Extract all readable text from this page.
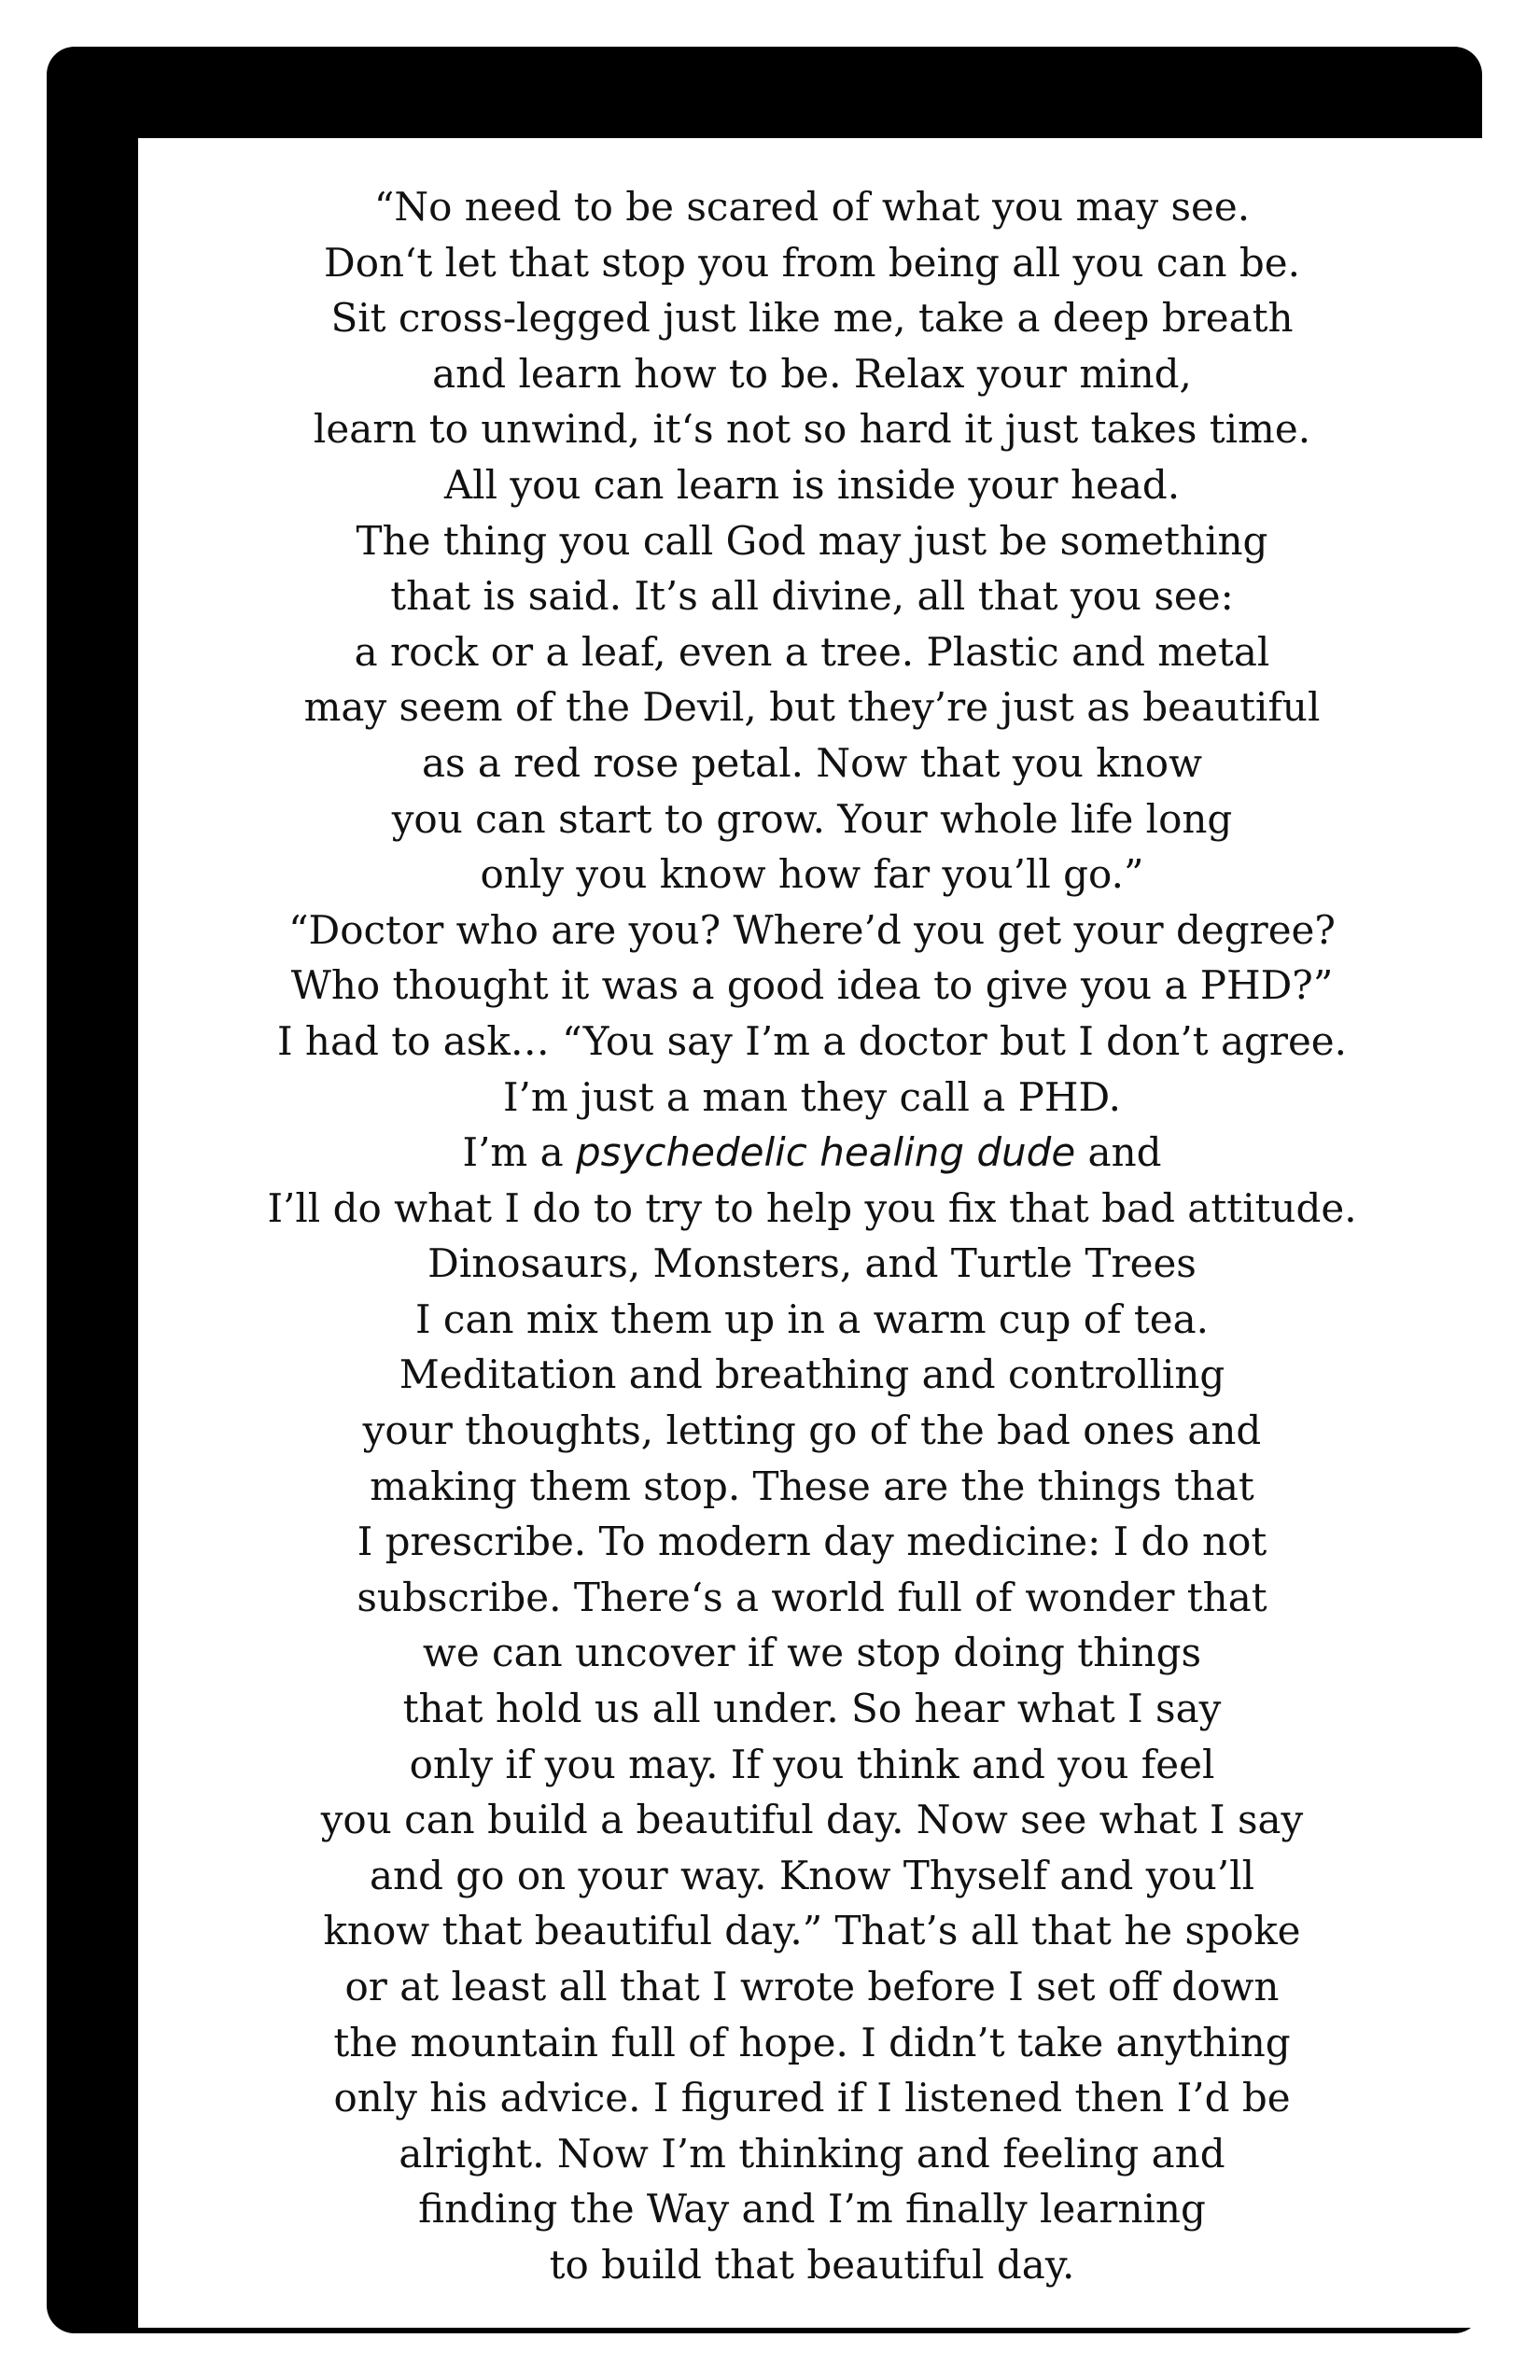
“No need to be scared of what you may see.
Don‘t let that stop you from being all you can be.
Sit cross-legged just like me, take a deep breath
and learn how to be. Relax your mind,
learn to unwind, it‘s not so hard it just takes time.
All you can learn is inside your head.
The thing you call God may just be something
that is said. It’s all divine, all that you see:
a rock or a leaf, even a tree. Plastic and metal
may seem of the Devil, but they’re just as beautiful
as a red rose petal. Now that you know
you can start to grow. Your whole life long
only you know how far you’ll go.”
“Doctor who are you? Where’d you get your degree?
Who thought it was a good idea to give you a PHD?”
I had to ask… “You say I’m a doctor but I don’t agree.
I’m just a man they call a PHD.
I’m a psychedelic healing dude and
I’ll do what I do to try to help you fix that bad attitude.
Dinosaurs, Monsters, and Turtle Trees
I can mix them up in a warm cup of tea.
Meditation and breathing and controlling
your thoughts, letting go of the bad ones and
making them stop. These are the things that
I prescribe. To modern day medicine: I do not
subscribe. There‘s a world full of wonder that
we can uncover if we stop doing things
that hold us all under. So hear what I say
only if you may. If you think and you feel
you can build a beautiful day. Now see what I say
and go on your way. Know Thyself and you’ll
know that beautiful day.” That’s all that he spoke
or at least all that I wrote before I set off down
the mountain full of hope. I didn’t take anything
only his advice. I figured if I listened then I’d be
alright. Now I’m thinking and feeling and
finding the Way and I’m finally learning
to build that beautiful day.
